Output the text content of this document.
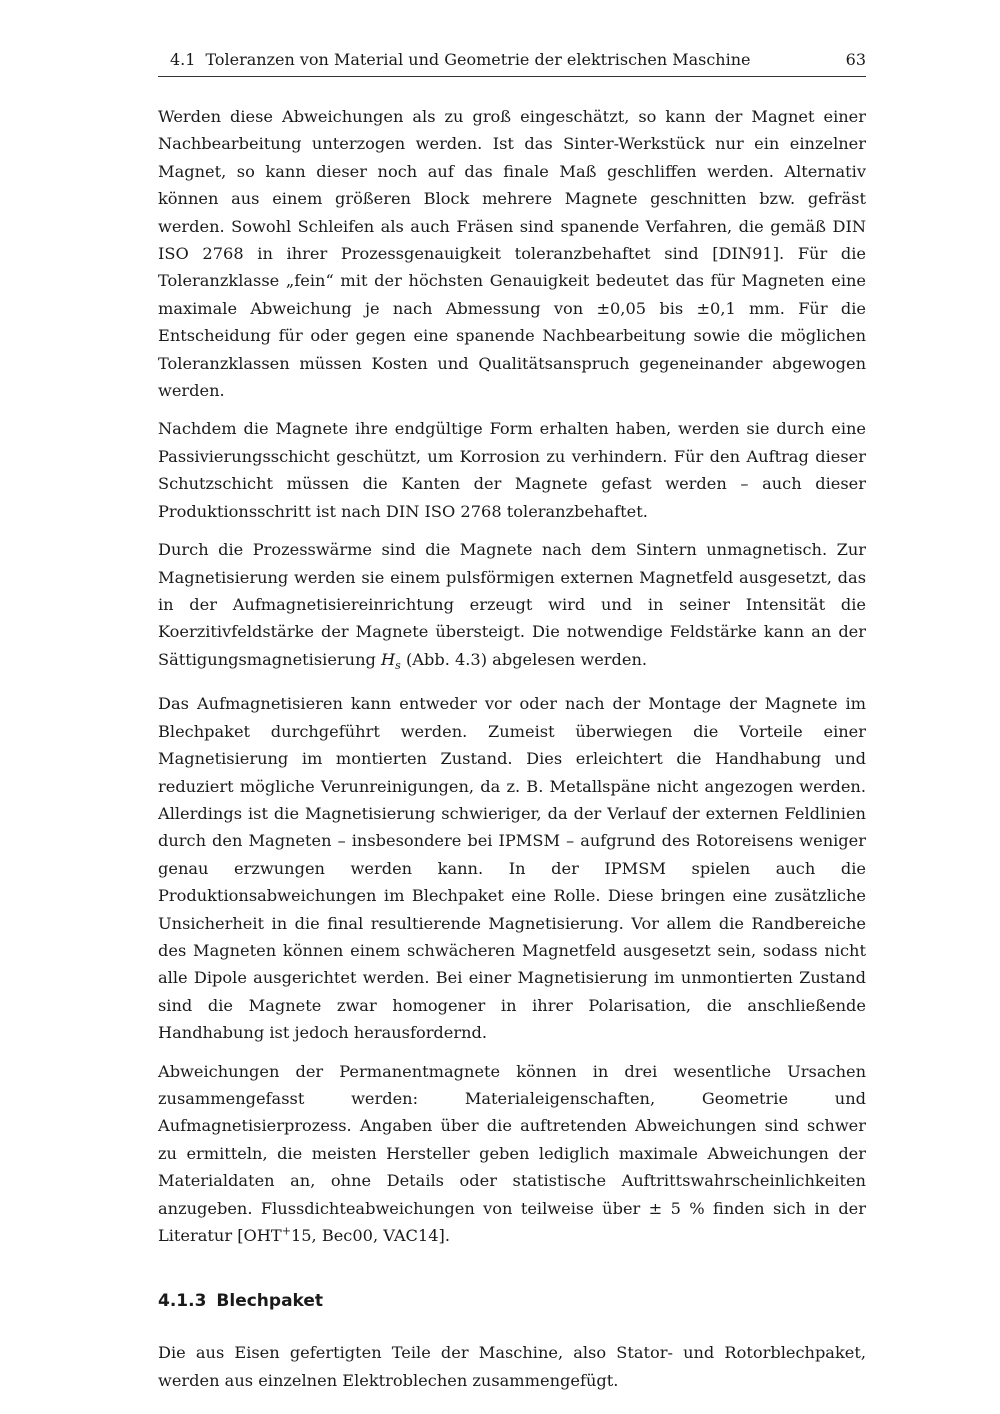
4.1 Toleranzen von Material und Geometrie der elektrischen Maschine	63

Werden diese Abweichungen als zu groß eingeschätzt, so kann der Magnet einer Nachbearbeitung unterzogen werden. Ist das Sinter-Werkstück nur ein einzelner Magnet, so kann dieser noch auf das finale Maß geschliffen werden. Alternativ können aus einem größeren Block mehrere Magnete geschnitten bzw. gefräst werden. Sowohl Schleifen als auch Fräsen sind spanende Verfahren, die gemäß DIN ISO 2768 in ihrer Prozessgenauigkeit toleranzbehaftet sind [DIN91]. Für die Toleranzklasse „fein“ mit der höchsten Genauigkeit bedeutet das für Magneten eine maximale Abweichung je nach Abmessung von ±0,05 bis ±0,1 mm. Für die Entscheidung für oder gegen eine spanende Nachbearbeitung sowie die möglichen Toleranzklassen müssen Kosten und Qualitätsanspruch gegeneinander abgewogen werden.

Nachdem die Magnete ihre endgültige Form erhalten haben, werden sie durch eine Passivierungsschicht geschützt, um Korrosion zu verhindern. Für den Auftrag dieser Schutzschicht müssen die Kanten der Magnete gefast werden – auch dieser Produktionsschritt ist nach DIN ISO 2768 toleranzbehaftet.

Durch die Prozesswärme sind die Magnete nach dem Sintern unmagnetisch. Zur Magnetisierung werden sie einem pulsförmigen externen Magnetfeld ausgesetzt, das in der Aufmagnetisiereinrichtung erzeugt wird und in seiner Intensität die Koerzitivfeldstärke der Magnete übersteigt. Die notwendige Feldstärke kann an der Sättigungsmagnetisierung $H_s$ (Abb. 4.3) abgelesen werden.

Das Aufmagnetisieren kann entweder vor oder nach der Montage der Magnete im Blechpaket durchgeführt werden. Zumeist überwiegen die Vorteile einer Magnetisierung im montierten Zustand. Dies erleichtert die Handhabung und reduziert mögliche Verunreinigungen, da z. B. Metallspäne nicht angezogen werden. Allerdings ist die Magnetisierung schwieriger, da der Verlauf der externen Feldlinien durch den Magneten – insbesondere bei IPMSM – aufgrund des Rotoreisens weniger genau erzwungen werden kann. In der IPMSM spielen auch die Produktionsabweichungen im Blechpaket eine Rolle. Diese bringen eine zusätzliche Unsicherheit in die final resultierende Magnetisierung. Vor allem die Randbereiche des Magneten können einem schwächeren Magnetfeld ausgesetzt sein, sodass nicht alle Dipole ausgerichtet werden. Bei einer Magnetisierung im unmontierten Zustand sind die Magnete zwar homogener in ihrer Polarisation, die anschließende Handhabung ist jedoch herausfordernd.

Abweichungen der Permanentmagnete können in drei wesentliche Ursachen zusammengefasst werden: Materialeigenschaften, Geometrie und Aufmagnetisierprozess. Angaben über die auftretenden Abweichungen sind schwer zu ermitteln, die meisten Hersteller geben lediglich maximale Abweichungen der Materialdaten an, ohne Details oder statistische Auftrittswahrscheinlichkeiten anzugeben. Flussdichteabweichungen von teilweise über ± 5 % finden sich in der Literatur [OHT+15, Bec00, VAC14].

4.1.3 Blechpaket

Die aus Eisen gefertigten Teile der Maschine, also Stator- und Rotorblechpaket, werden aus einzelnen Elektroblechen zusammengefügt.
